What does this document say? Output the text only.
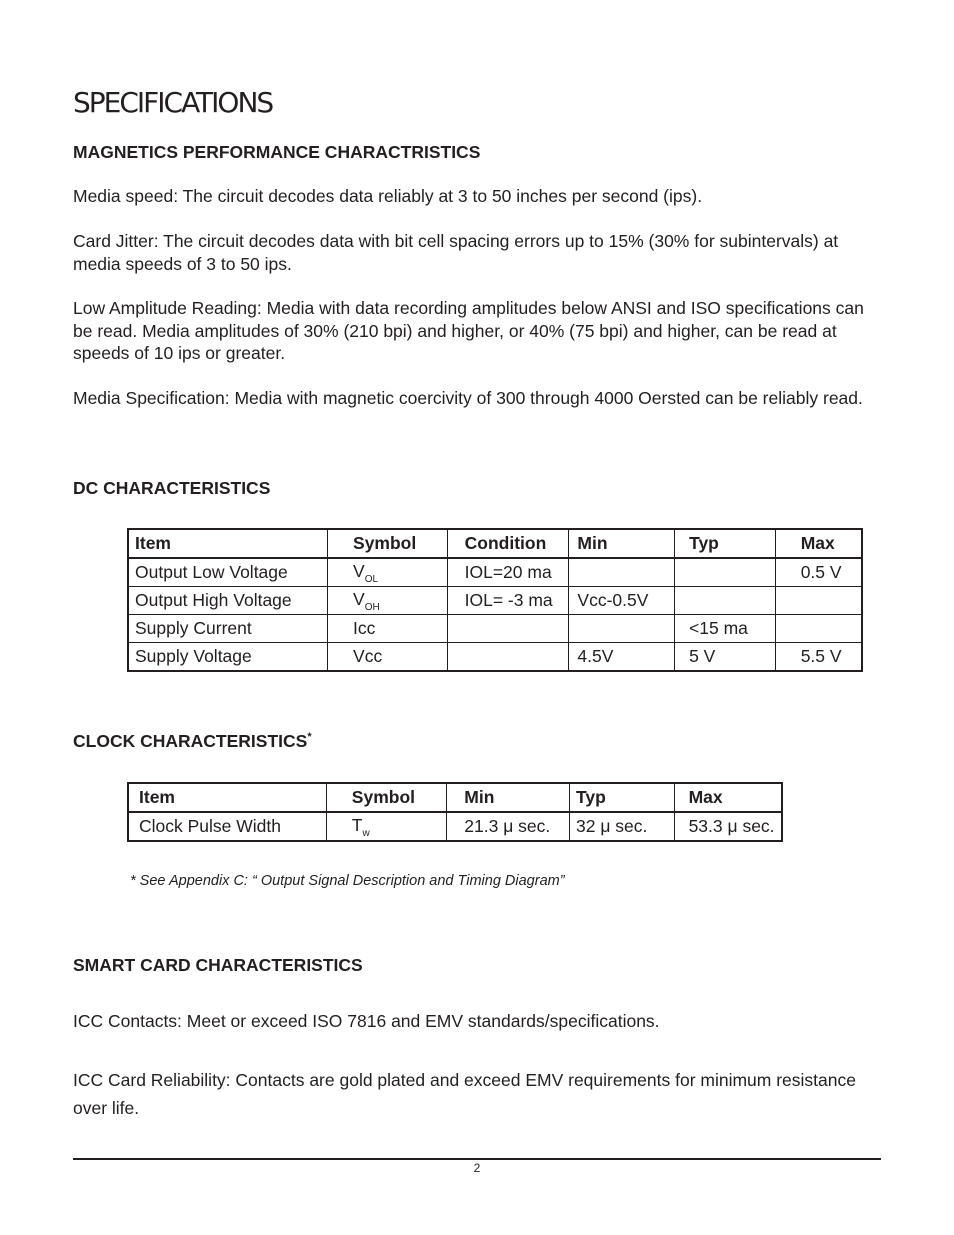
SPECIFICATIONS
MAGNETICS PERFORMANCE CHARACTRISTICS

Media speed: The circuit decodes data reliably at 3 to 50 inches per second (ips).

Card Jitter: The circuit decodes data with bit cell spacing errors up to 15% (30% for subintervals) at media speeds of 3 to 50 ips.

Low Amplitude Reading: Media with data recording amplitudes below ANSI and ISO specifications can be read. Media amplitudes of 30% (210 bpi) and higher, or 40% (75 bpi) and higher, can be read at speeds of 10 ips or greater.

Media Specification: Media with magnetic coercivity of 300 through 4000 Oersted can be reliably read.

DC CHARACTERISTICS
Item	Symbol	Condition	Min	Typ	Max
Output Low Voltage	$V_{OL}$	IOL=20 ma			0.5 V
Output High Voltage	$V_{OH}$	IOL= -3 ma	Vcc-0.5V		
Supply Current	Icc			<15 ma	
Supply Voltage	Vcc		4.5V	5 V	5.5 V
CLOCK CHARACTERISTICS*
Item	Symbol	Min	Typ	Max
Clock Pulse Width	$T_w$	21.3 μ sec.	32 μ sec.	53.3 μ sec.

* See Appendix C: “ Output Signal Description and Timing Diagram”

SMART CARD CHARACTERISTICS

ICC Contacts: Meet or exceed ISO 7816 and EMV standards/specifications.

ICC Card Reliability: Contacts are gold plated and exceed EMV requirements for minimum resistance over life.

2
